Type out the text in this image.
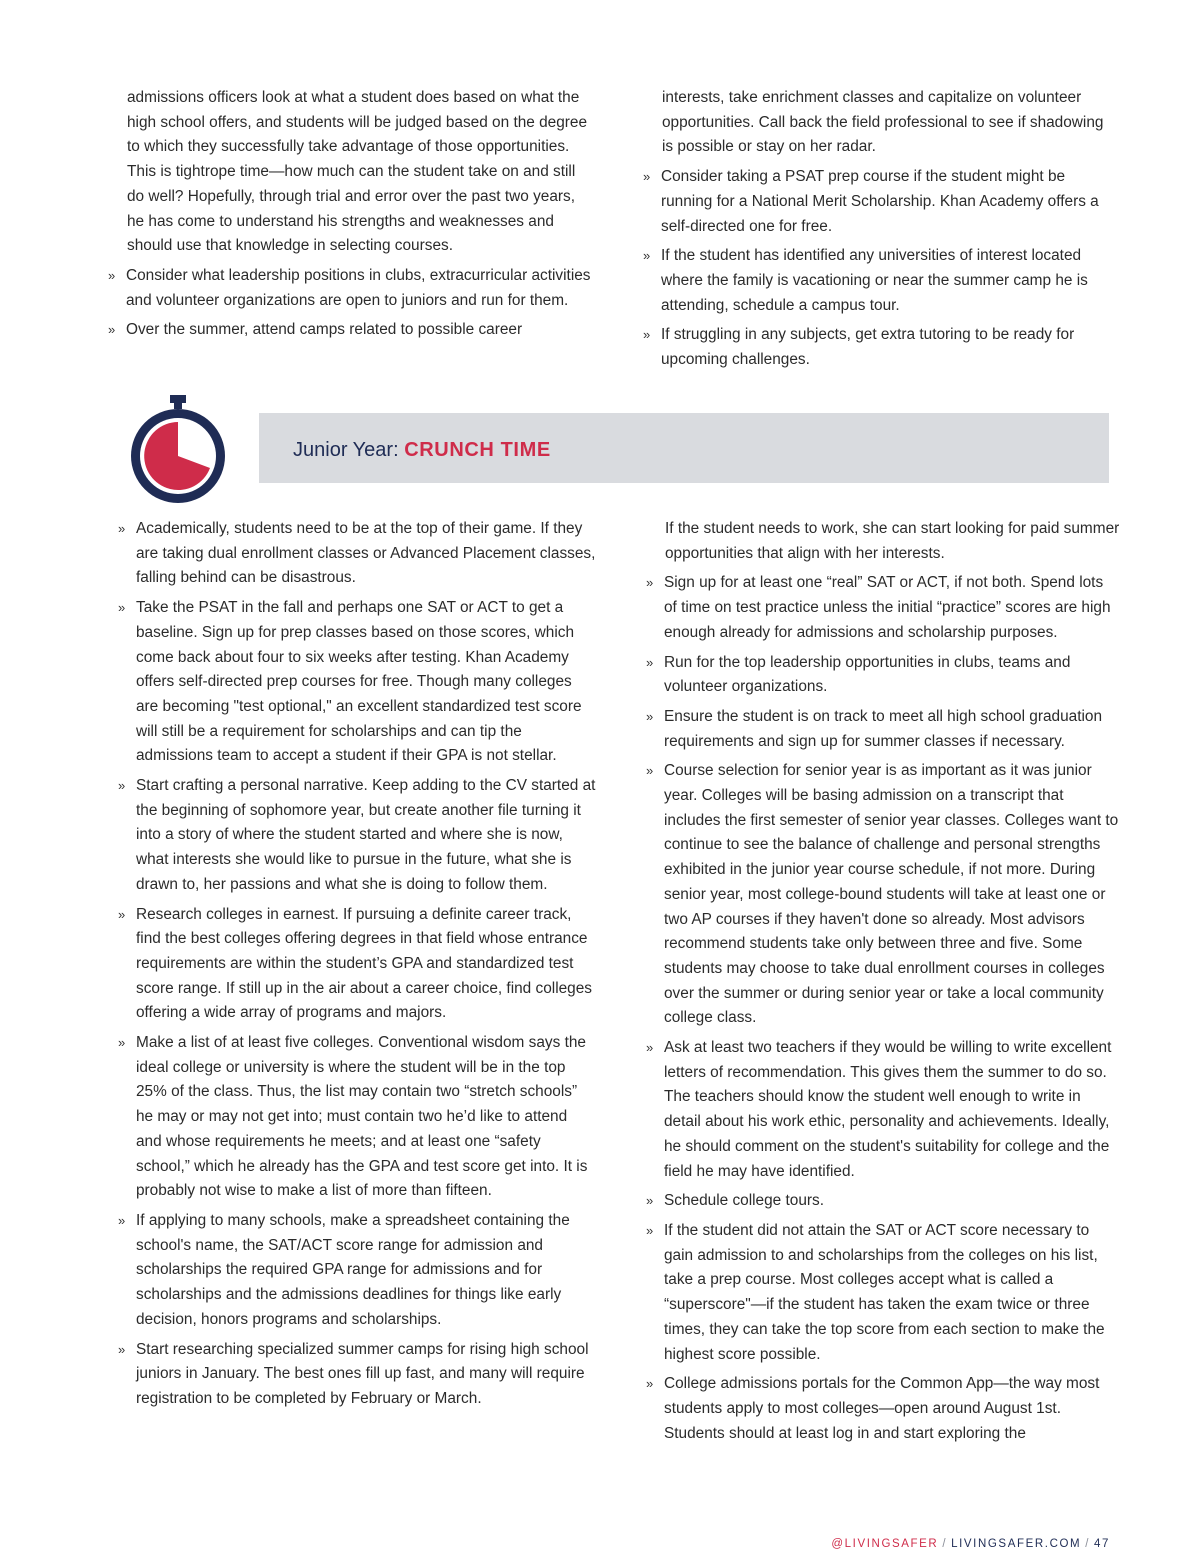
admissions officers look at what a student does based on what the high school offers, and students will be judged based on the degree to which they successfully take advantage of those opportunities. This is tightrope time—how much can the student take on and still do well? Hopefully, through trial and error over the past two years, he has come to understand his strengths and weaknesses and should use that knowledge in selecting courses.

» Consider what leadership positions in clubs, extracurricular activities and volunteer organizations are open to juniors and run for them.

» Over the summer, attend camps related to possible career

interests, take enrichment classes and capitalize on volunteer opportunities. Call back the field professional to see if shadowing is possible or stay on her radar.

» Consider taking a PSAT prep course if the student might be running for a National Merit Scholarship. Khan Academy offers a self-directed one for free.

» If the student has identified any universities of interest located where the family is vacationing or near the summer camp he is attending, schedule a campus tour.

» If struggling in any subjects, get extra tutoring to be ready for upcoming challenges.

Junior Year: CRUNCH TIME
» Academically, students need to be at the top of their game. If they are taking dual enrollment classes or Advanced Placement classes, falling behind can be disastrous.

» Take the PSAT in the fall and perhaps one SAT or ACT to get a baseline. Sign up for prep classes based on those scores, which come back about four to six weeks after testing. Khan Academy offers self-directed prep courses for free. Though many colleges are becoming "test optional," an excellent standardized test score will still be a requirement for scholarships and can tip the admissions team to accept a student if their GPA is not stellar.

» Start crafting a personal narrative. Keep adding to the CV started at the beginning of sophomore year, but create another file turning it into a story of where the student started and where she is now, what interests she would like to pursue in the future, what she is drawn to, her passions and what she is doing to follow them.

» Research colleges in earnest. If pursuing a definite career track, find the best colleges offering degrees in that field whose entrance requirements are within the student’s GPA and standardized test score range. If still up in the air about a career choice, find colleges offering a wide array of programs and majors.

» Make a list of at least five colleges. Conventional wisdom says the ideal college or university is where the student will be in the top 25% of the class. Thus, the list may contain two “stretch schools” he may or may not get into; must contain two he’d like to attend and whose requirements he meets; and at least one “safety school,” which he already has the GPA and test score get into. It is probably not wise to make a list of more than fifteen.

» If applying to many schools, make a spreadsheet containing the school's name, the SAT/ACT score range for admission and scholarships the required GPA range for admissions and for scholarships and the admissions deadlines for things like early decision, honors programs and scholarships.

» Start researching specialized summer camps for rising high school juniors in January. The best ones fill up fast, and many will require registration to be completed by February or March.

If the student needs to work, she can start looking for paid summer opportunities that align with her interests.

» Sign up for at least one “real” SAT or ACT, if not both. Spend lots of time on test practice unless the initial “practice” scores are high enough already for admissions and scholarship purposes.

» Run for the top leadership opportunities in clubs, teams and volunteer organizations.

» Ensure the student is on track to meet all high school graduation requirements and sign up for summer classes if necessary.

» Course selection for senior year is as important as it was junior year. Colleges will be basing admission on a transcript that includes the first semester of senior year classes. Colleges want to continue to see the balance of challenge and personal strengths exhibited in the junior year course schedule, if not more. During senior year, most college-bound students will take at least one or two AP courses if they haven't done so already. Most advisors recommend students take only between three and five. Some students may choose to take dual enrollment courses in colleges over the summer or during senior year or take a local community college class.

» Ask at least two teachers if they would be willing to write excellent letters of recommendation. This gives them the summer to do so. The teachers should know the student well enough to write in detail about his work ethic, personality and achievements. Ideally, he should comment on the student's suitability for college and the field he may have identified.

» Schedule college tours.

» If the student did not attain the SAT or ACT score necessary to gain admission to and scholarships from the colleges on his list, take a prep course. Most colleges accept what is called a “superscore"—if the student has taken the exam twice or three times, they can take the top score from each section to make the highest score possible.

» College admissions portals for the Common App—the way most students apply to most colleges—open around August 1st. Students should at least log in and start exploring the

@LIVINGSAFER / LIVINGSAFER.COM / 47
